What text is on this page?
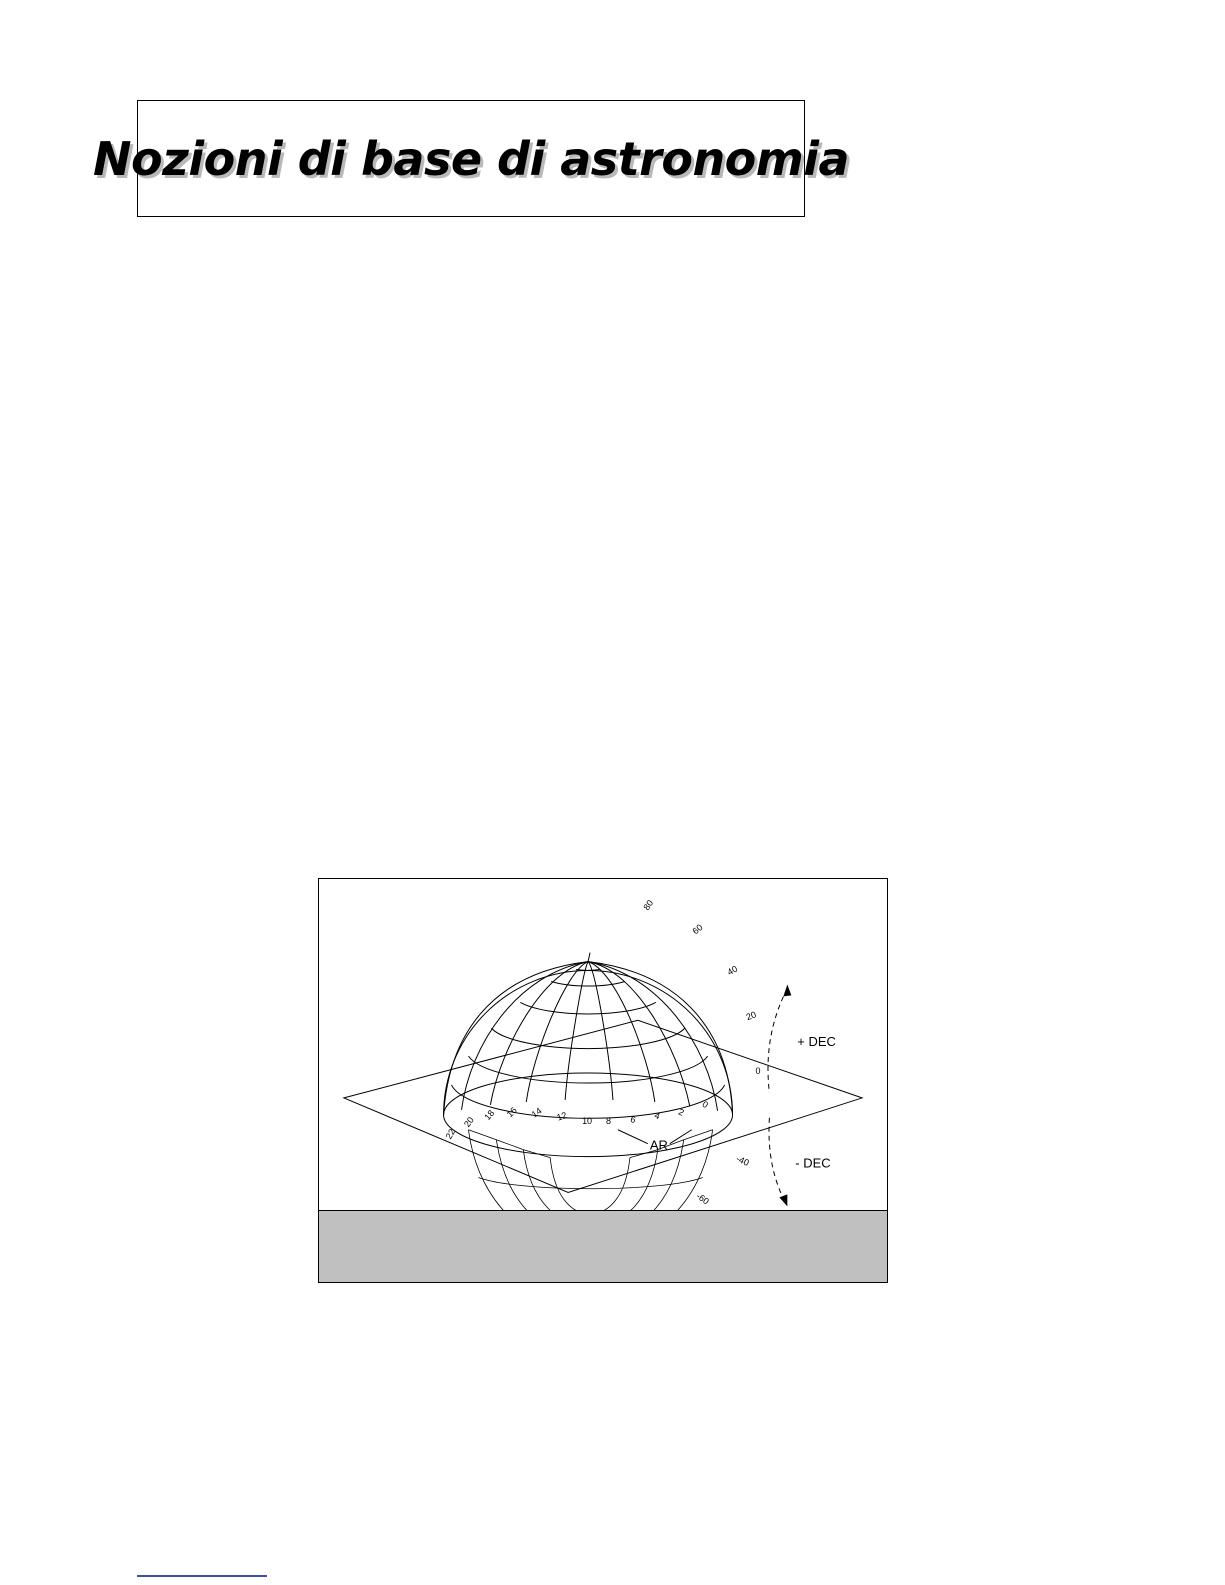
Nozioni di base di astronomia
+ DEC
- DEC
AR
80
60
40
20
0
-40
-60
22
20 18 16 14 12 10 8 6 4 2
0
